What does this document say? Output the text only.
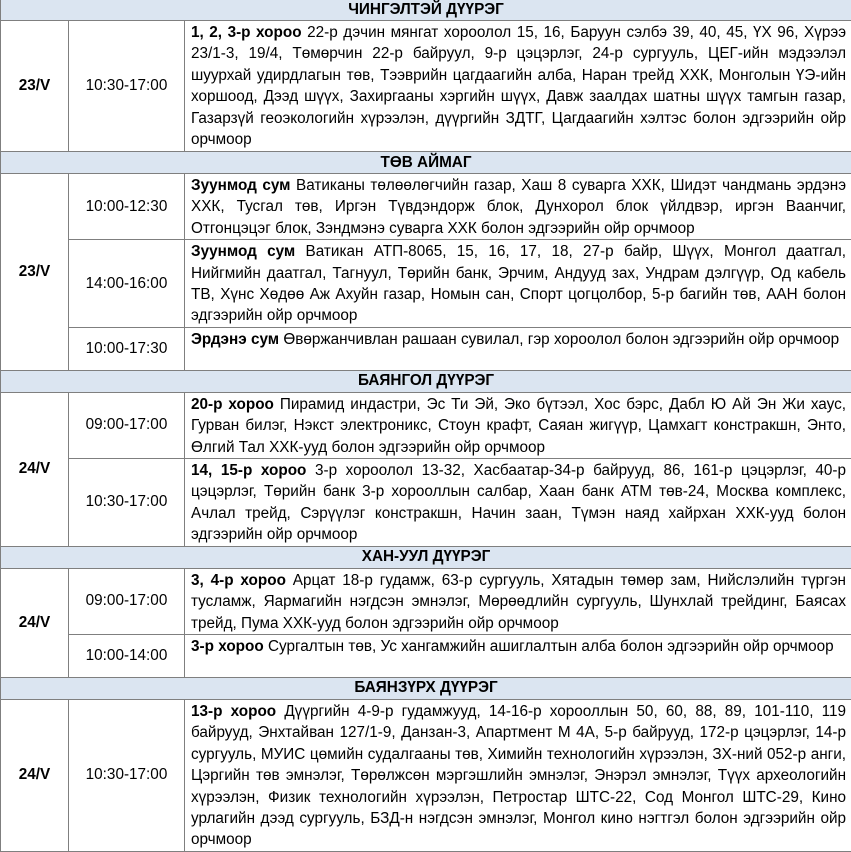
ЧИНГЭЛТЭЙ ДҮҮРЭГ		
23/V	10:30-17:00	1, 2, 3-р хороо 22-р дэчин мянгат хороолол 15, 16, Баруун сэлбэ 39, 40, 45, ҮХ 96, Хүрээ 23/1-3, 19/4, Төмөрчин 22-р байруул, 9-р цэцэрлэг, 24-р сургууль, ЦЕГ-ийн мэдээлэл шуурхай удирдлагын төв, Тээврийн цагдаагийн алба, Наран трейд ХХК, Монголын ҮЭ-ийн хоршоод, Дээд шүүх, Захиргааны хэргийн шүүх, Давж заалдах шатны шүүх тамгын газар, Газарзүй геоэкологийн хүрээлэн, дүүргийн ЗДТГ, Цагдаагийн хэлтэс болон эдгээрийн ойр орчмоор
ТӨВ АЙМАГ		
23/V	10:00-12:30	Зуунмод сум Ватиканы төлөөлөгчийн газар, Хаш 8 суварга ХХК, Шидэт чандмань эрдэнэ ХХК, Тусгал төв, Иргэн Түвдэндорж блок, Дунхорол блок үйлдвэр, иргэн Ваанчиг, Отгонцэцэг блок, Зэндмэнэ суварга ХХК болон эдгээрийн ойр орчмоор
	14:00-16:00	Зуунмод сум Ватикан АТП-8065, 15, 16, 17, 18, 27-р байр, Шүүх, Монгол даатгал, Нийгмийн даатгал, Тагнуул, Төрийн банк, Эрчим, Андууд зах, Ундрам дэлгүүр, Од кабель ТВ, Хүнс Хөдөө Аж Ахуйн газар, Номын сан, Спорт цогцолбор, 5-р багийн төв, ААН болон эдгээрийн ойр орчмоор
	10:00-17:30	Эрдэнэ сум Өвөржанчивлан рашаан сувилал, гэр хороолол болон эдгээрийн ойр орчмоор
БАЯНГОЛ ДҮҮРЭГ		
24/V	09:00-17:00	20-р хороо Пирамид индастри, Эс Ти Эй, Эко бүтээл, Хос бэрс, Дабл Ю Ай Эн Жи хаус, Гурван билэг, Нэкст электроникс, Стоун крафт, Саяан жигүүр, Цамхагт констракшн, Энто, Өлгий Тал ХХК-ууд болон эдгээрийн ойр орчмоор
	10:30-17:00	14, 15-р хороо 3-р хороолол 13-32, Хасбаатар-34-р байрууд, 86, 161-р цэцэрлэг, 40-р цэцэрлэг, Төрийн банк 3-р хорооллын салбар, Хаан банк АТМ төв-24, Москва комплекс, Ачлал трейд, Сэрүүлэг констракшн, Начин заан, Түмэн наяд хайрхан ХХК-ууд болон эдгээрийн ойр орчмоор
ХАН-УУЛ ДҮҮРЭГ		
24/V	09:00-17:00	3, 4-р хороо Арцат 18-р гудамж, 63-р сургууль, Хятадын төмөр зам, Нийслэлийн түргэн тусламж, Яармагийн нэгдсэн эмнэлэг, Мөрөөдлийн сургууль, Шунхлай трейдинг, Баясах трейд, Пума ХХК-ууд болон эдгээрийн ойр орчмоор
	10:00-14:00	3-р хороо Сургалтын төв, Ус хангамжийн ашиглалтын алба болон эдгээрийн ойр орчмоор
БАЯНЗҮРХ ДҮҮРЭГ		
24/V	10:30-17:00	13-р хороо Дүүргийн 4-9-р гудамжууд, 14-16-р хорооллын 50, 60, 88, 89, 101-110, 119 байрууд, Энхтайван 127/1-9, Данзан-3, Апартмент М 4А, 5-р байрууд, 172-р цэцэрлэг, 14-р сургууль, МУИС цөмийн судалгааны төв, Химийн технологийн хүрээлэн, ЗХ-ний 052-р анги, Цэргийн төв эмнэлэг, Төрөлжсөн мэргэшлийн эмнэлэг, Энэрэл эмнэлэг, Түүх археологийн хүрээлэн, Физик технологийн хүрээлэн, Петростар ШТС-22, Сод Монгол ШТС-29, Кино урлагийн дээд сургууль, БЗД-н нэгдсэн эмнэлэг, Монгол кино нэгтгэл болон эдгээрийн ойр орчмоор
